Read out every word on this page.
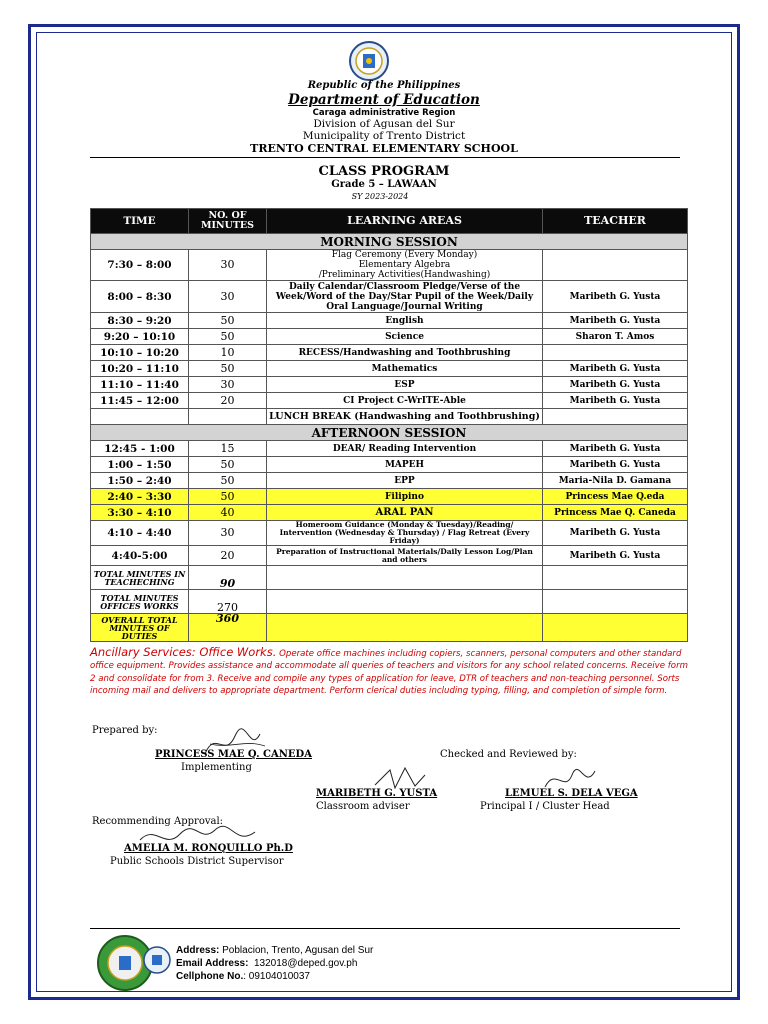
Republic of the Philippines
Department of Education
Caraga administrative Region
Division of Agusan del Sur
Municipality of Trento District
TRENTO CENTRAL ELEMENTARY SCHOOL
CLASS PROGRAM
Grade 5 – LAWAAN
SY 2023-2024
TIME	NO. OF MINUTES	LEARNING AREAS	TEACHER
MORNING SESSION			
7:30 – 8:00	30	Flag Ceremony (Every Monday)
Elementary Algebra
/Preliminary Activities(Handwashing)	
8:00 – 8:30	30	Daily Calendar/Classroom Pledge/Verse of the Week/Word of the Day/Star Pupil of the Week/Daily Oral Language/Journal Writing	Maribeth G. Yusta
8:30 – 9:20	50	English	Maribeth G. Yusta
9:20 – 10:10	50	Science	Sharon T. Amos
10:10 – 10:20	10	RECESS/Handwashing and Toothbrushing	
10:20 – 11:10	50	Mathematics	Maribeth G. Yusta
11:10 – 11:40	30	ESP	Maribeth G. Yusta
11:45 – 12:00	20	CI Project C-WrITE-Able	Maribeth G. Yusta
		LUNCH BREAK (Handwashing and Toothbrushing)	
AFTERNOON SESSION			
12:45 - 1:00	15	DEAR/ Reading Intervention	Maribeth G. Yusta
1:00 – 1:50	50	MAPEH	Maribeth G. Yusta
1:50 – 2:40	50	EPP	Maria-Nila D. Gamana
2:40 – 3:30	50	Filipino	Princess Mae Q.eda
3:30 – 4:10	40	ARAL PAN	Princess Mae Q. Caneda
4:10 – 4:40	30	Homeroom Guidance (Monday & Tuesday)/Reading/ Intervention (Wednesday & Thursday) / Flag Retreat (Every Friday)	Maribeth G. Yusta
4:40-5:00	20	Preparation of Instructional Materials/Daily Lesson Log/Plan and others	Maribeth G. Yusta
TOTAL MINUTES IN TEACHECHING	90		
TOTAL MINUTES OFFICES WORKS	270		
OVERALL TOTAL MINUTES OF DUTIES	360		
Ancillary Services: Office Works. Operate office machines including copiers, scanners, personal computers and other standard office equipment. Provides assistance and accommodate all queries of teachers and visitors for any school related concerns. Receive form 2 and consolidate for from 3. Receive and compile any types of application for leave, DTR of teachers and non-teaching personnel. Sorts incoming mail and delivers to appropriate department. Perform clerical duties including typing, filling, and completion of simple form.
Prepared by:
PRINCESS MAE Q. CANEDA
Implementing
Checked and Reviewed by:
MARIBETH G. YUSTA
Classroom adviser
LEMUEL S. DELA VEGA
Principal I / Cluster Head
Recommending Approval:
AMELIA M. RONQUILLO Ph.D
Public Schools District Supervisor
Address: Poblacion, Trento, Agusan del Sur
Email Address: 132018@deped.gov.ph
Cellphone No.: 09104010037
